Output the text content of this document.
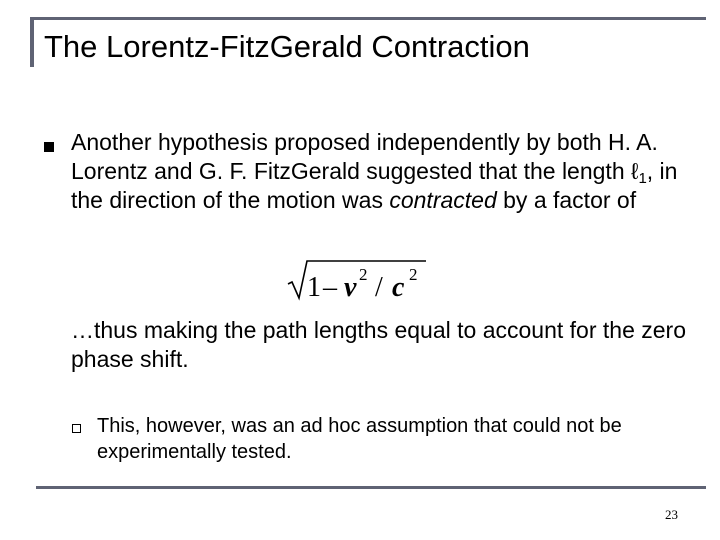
The Lorentz-FitzGerald Contraction
Another hypothesis proposed independently by both H. A. Lorentz and G. F. FitzGerald suggested that the length ℓ$_1$, in the direction of the motion was contracted by a factor of
1 – v 2 / c 2
…thus making the path lengths equal to account for the zero phase shift.
This, however, was an ad hoc assumption that could not be experimentally tested.
23
